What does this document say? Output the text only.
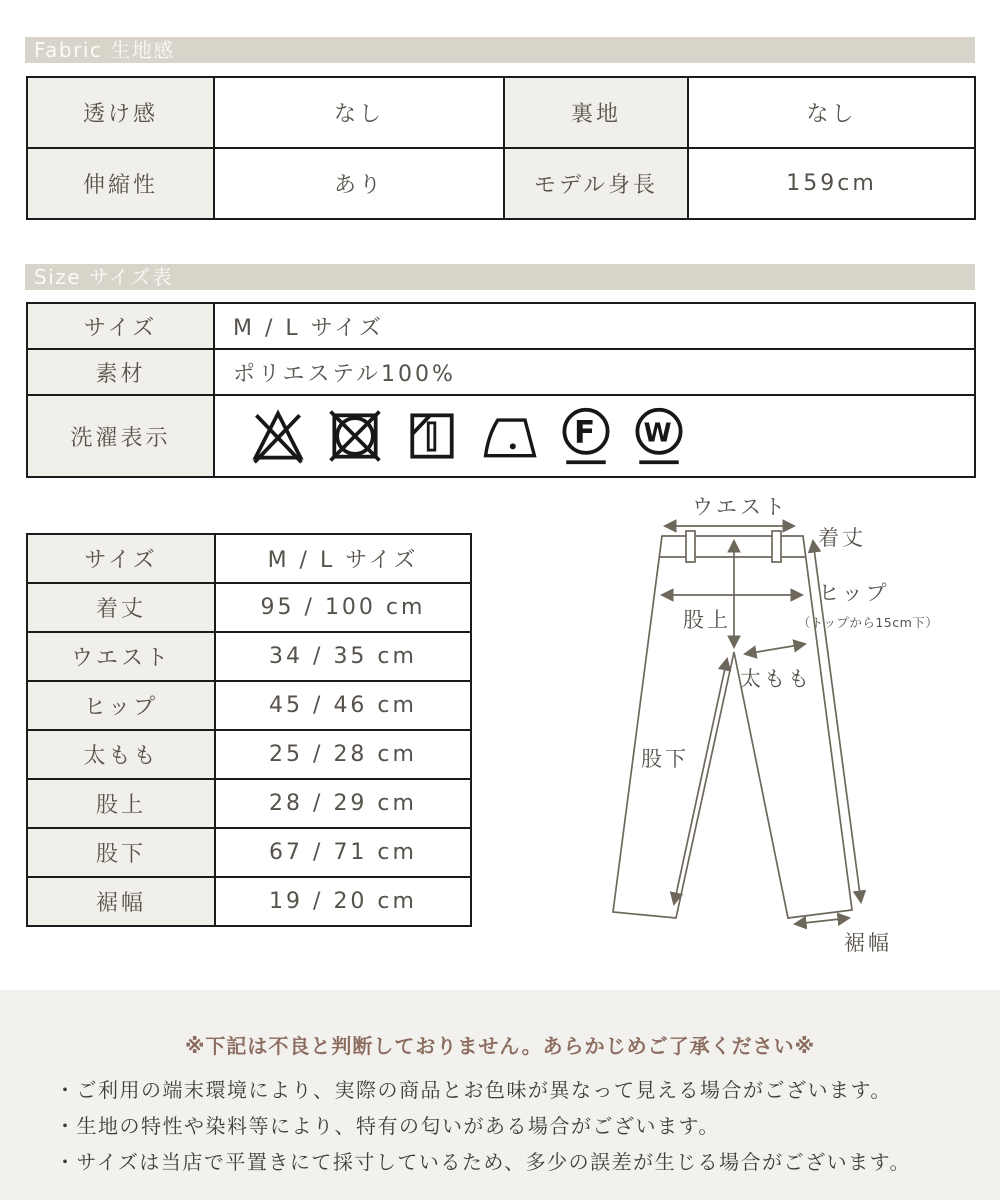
Fabric 生地感
透け感	なし	裏地	なし
伸縮性	あり	モデル身長	159cm
Size サイズ表
サイズ	M / L サイズ
素材	ポリエステル100%
洗濯表示	F W
サイズ	M / L サイズ
着丈	95 / 100 cm
ウエスト	34 / 35 cm
ヒップ	45 / 46 cm
太もも	25 / 28 cm
股上	28 / 29 cm
股下	67 / 71 cm
裾幅	19 / 20 cm
ウエスト
着丈
ヒップ
（トップから15cm下）
股上
太もも
股下
裾幅
※下記は不良と判断しておりません。あらかじめご了承ください※
・ご利用の端末環境により、実際の商品とお色味が異なって見える場合がございます。
・生地の特性や染料等により、特有の匂いがある場合がございます。
・サイズは当店で平置きにて採寸しているため、多少の誤差が生じる場合がございます。
